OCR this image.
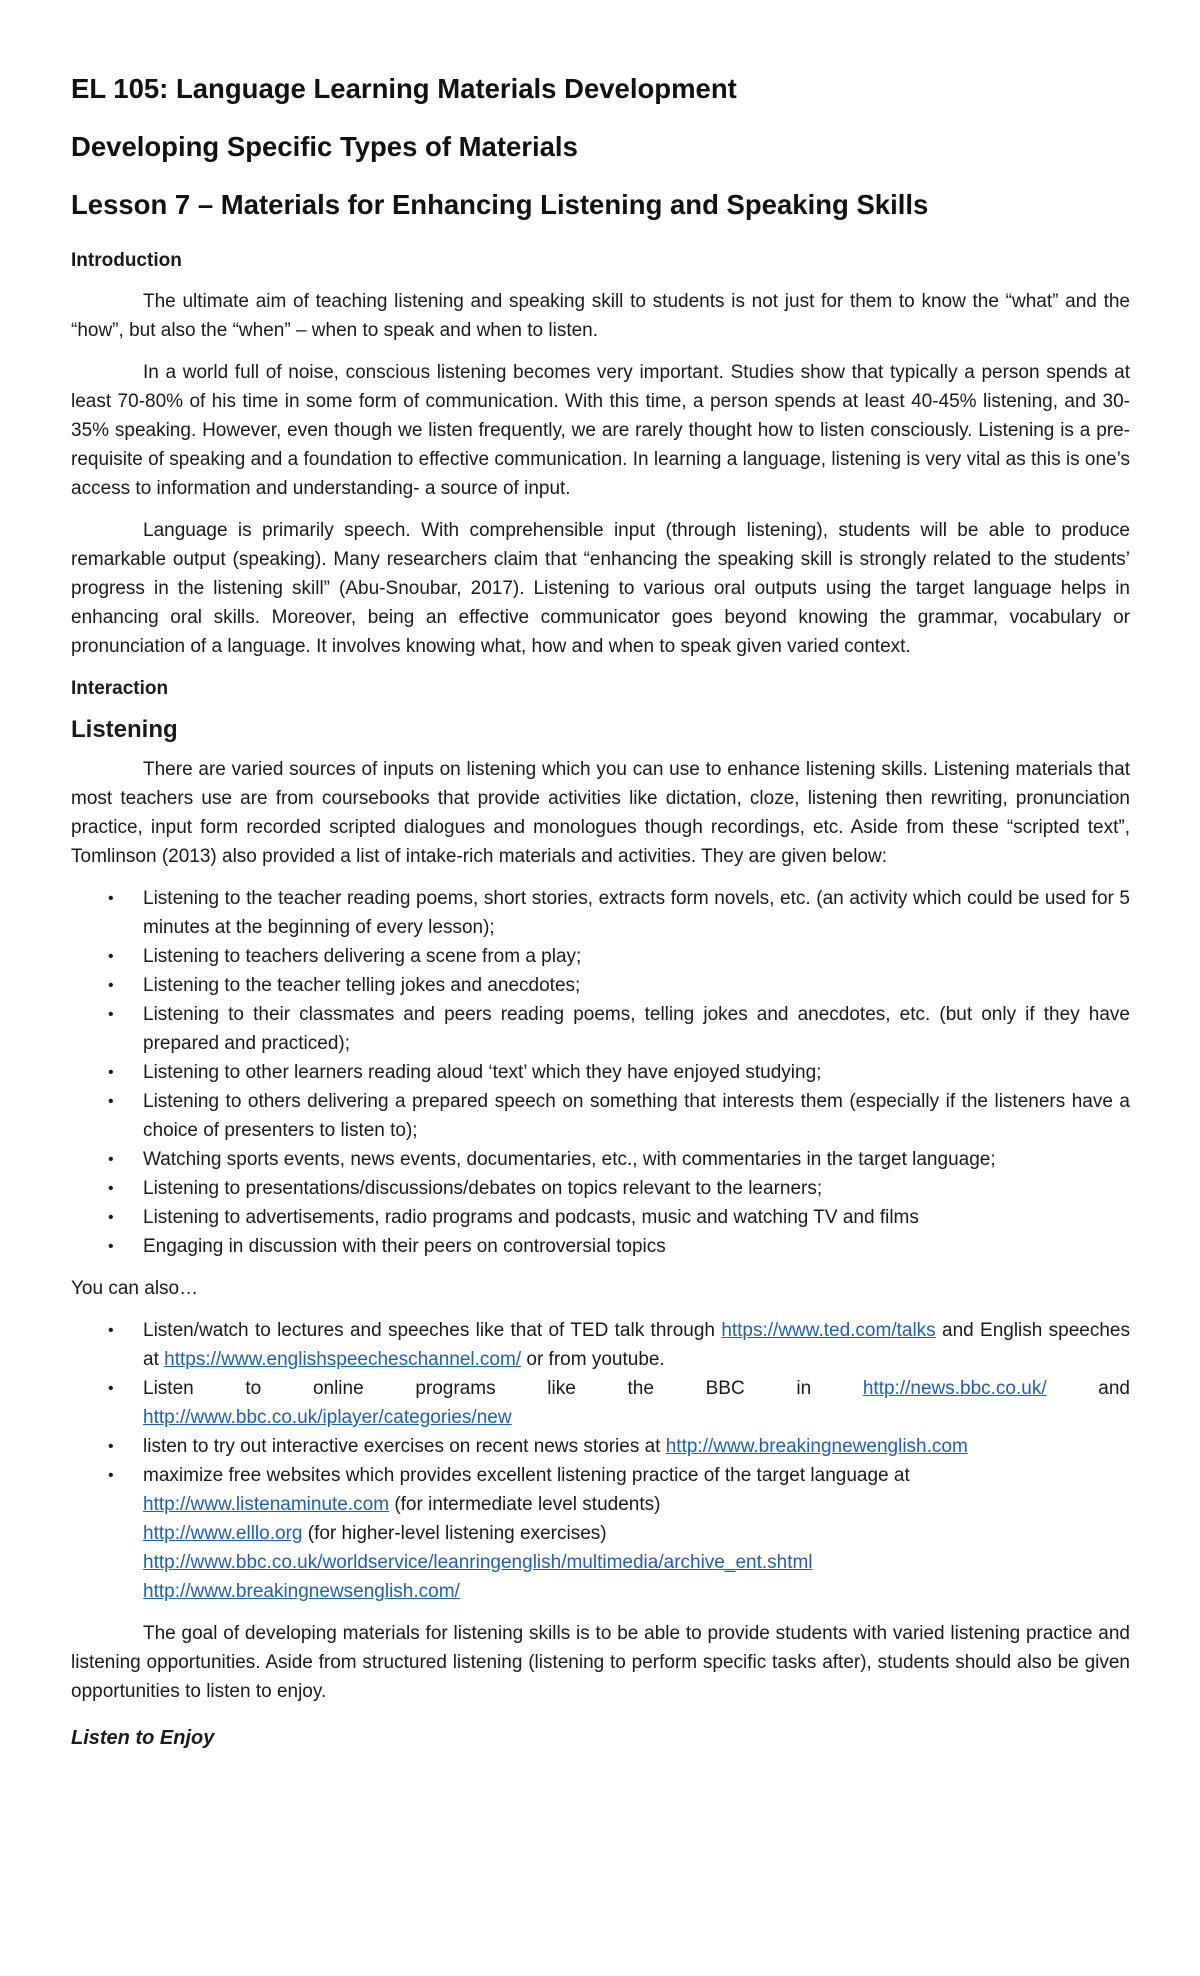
EL 105: Language Learning Materials Development
Developing Specific Types of Materials
Lesson 7 – Materials for Enhancing Listening and Speaking Skills
Introduction

The ultimate aim of teaching listening and speaking skill to students is not just for them to know the “what” and the “how”, but also the “when” – when to speak and when to listen.

In a world full of noise, conscious listening becomes very important. Studies show that typically a person spends at least 70-80% of his time in some form of communication. With this time, a person spends at least 40-45% listening, and 30-35% speaking. However, even though we listen frequently, we are rarely thought how to listen consciously. Listening is a pre-requisite of speaking and a foundation to effective communication. In learning a language, listening is very vital as this is one’s access to information and understanding- a source of input.

Language is primarily speech. With comprehensible input (through listening), students will be able to produce remarkable output (speaking). Many researchers claim that “enhancing the speaking skill is strongly related to the students’ progress in the listening skill” (Abu-Snoubar, 2017). Listening to various oral outputs using the target language helps in enhancing oral skills. Moreover, being an effective communicator goes beyond knowing the grammar, vocabulary or pronunciation of a language. It involves knowing what, how and when to speak given varied context.

Interaction
Listening

There are varied sources of inputs on listening which you can use to enhance listening skills. Listening materials that most teachers use are from coursebooks that provide activities like dictation, cloze, listening then rewriting, pronunciation practice, input form recorded scripted dialogues and monologues though recordings, etc. Aside from these “scripted text”, Tomlinson (2013) also provided a list of intake-rich materials and activities. They are given below:

• Listening to the teacher reading poems, short stories, extracts form novels, etc. (an activity which could be used for 5 minutes at the beginning of every lesson);
• Listening to teachers delivering a scene from a play;
• Listening to the teacher telling jokes and anecdotes;
• Listening to their classmates and peers reading poems, telling jokes and anecdotes, etc. (but only if they have prepared and practiced);
• Listening to other learners reading aloud ‘text’ which they have enjoyed studying;
• Listening to others delivering a prepared speech on something that interests them (especially if the listeners have a choice of presenters to listen to);
• Watching sports events, news events, documentaries, etc., with commentaries in the target language;
• Listening to presentations/discussions/debates on topics relevant to the learners;
• Listening to advertisements, radio programs and podcasts, music and watching TV and films
• Engaging in discussion with their peers on controversial topics

You can also…

• Listen/watch to lectures and speeches like that of TED talk through https://www.ted.com/talks and English speeches at https://www.englishspeecheschannel.com/ or from youtube.
• Listen	to	online	programs	like	the	BBC	in	http://news.bbc.co.uk/	and
http://www.bbc.co.uk/iplayer/categories/new
• listen to try out interactive exercises on recent news stories at http://www.breakingnewenglish.com
• maximize free websites which provides excellent listening practice of the target language at
http://www.listenaminute.com (for intermediate level students)
http://www.elllo.org (for higher-level listening exercises)
http://www.bbc.co.uk/worldservice/leanringenglish/multimedia/archive_ent.shtml
http://www.breakingnewsenglish.com/

The goal of developing materials for listening skills is to be able to provide students with varied listening practice and listening opportunities. Aside from structured listening (listening to perform specific tasks after), students should also be given opportunities to listen to enjoy.

Listen to Enjoy
